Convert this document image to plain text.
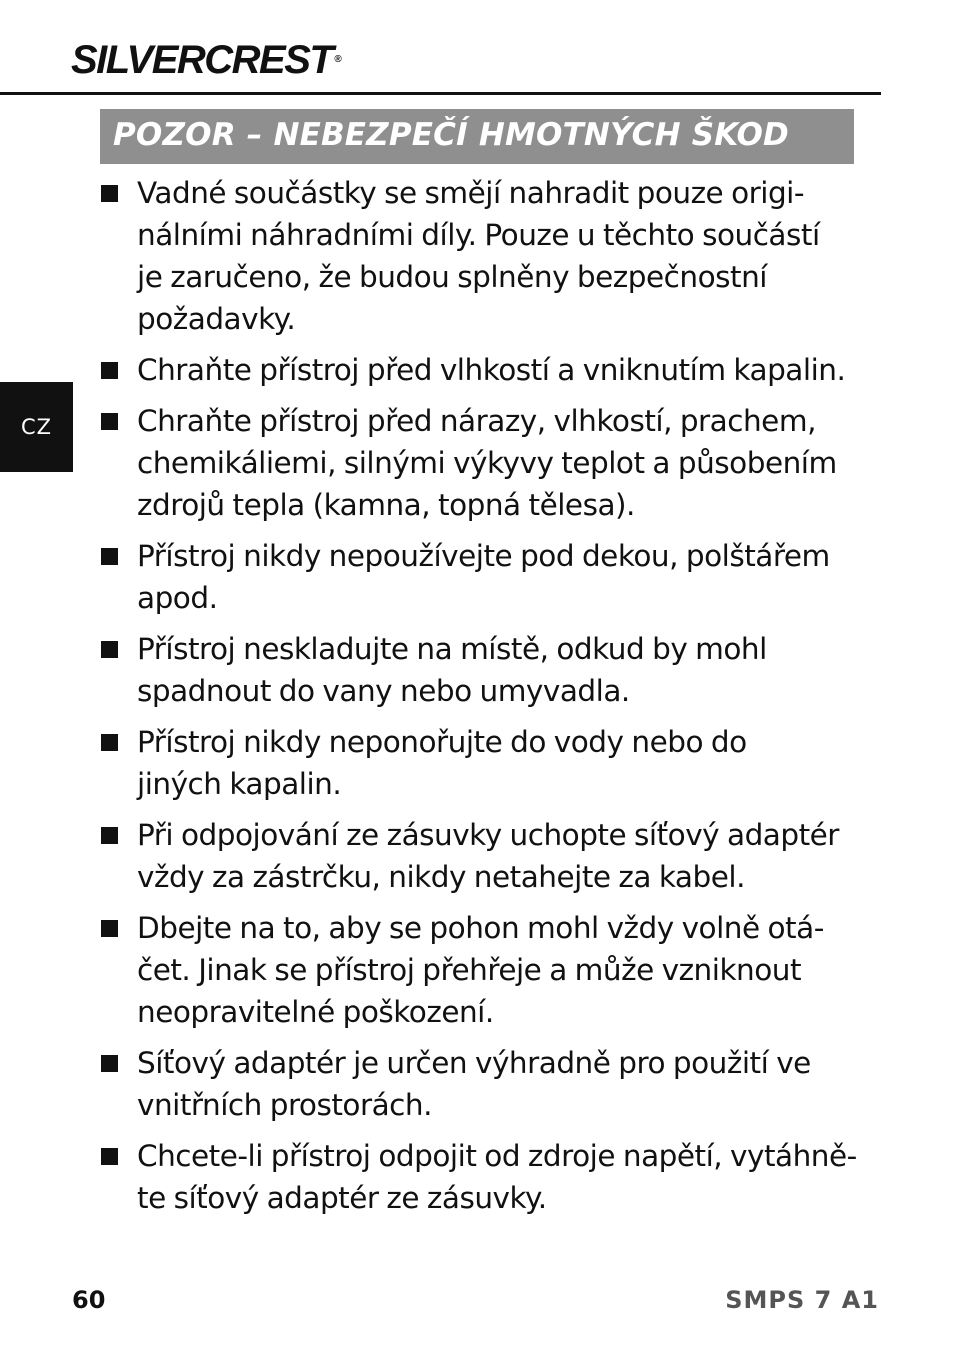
SILVERCREST ®
CZ
POZOR – NEBEZPEČÍ HMOTNÝCH ŠKOD
Vadné součástky se smějí nahradit pouze origi-
nálními náhradními díly. Pouze u těchto součástí
je zaručeno, že budou splněny bezpečnostní
požadavky.
Chraňte přístroj před vlhkostí a vniknutím kapalin.
Chraňte přístroj před nárazy, vlhkostí, prachem,
chemikáliemi, silnými výkyvy teplot a působením
zdrojů tepla (kamna, topná tělesa).
Přístroj nikdy nepoužívejte pod dekou, polštářem
apod.
Přístroj neskladujte na místě, odkud by mohl
spadnout do vany nebo umyvadla.
Přístroj nikdy neponořujte do vody nebo do
jiných kapalin.
Při odpojování ze zásuvky uchopte síťový adaptér
vždy za zástrčku, nikdy netahejte za kabel.
Dbejte na to, aby se pohon mohl vždy volně otá-
čet. Jinak se přístroj přehřeje a může vzniknout
neopravitelné poškození.
Síťový adaptér je určen výhradně pro použití ve
vnitřních prostorách.
Chcete-li přístroj odpojit od zdroje napětí, vytáhně-
te síťový adaptér ze zásuvky.
60	SMPS 7 A1
